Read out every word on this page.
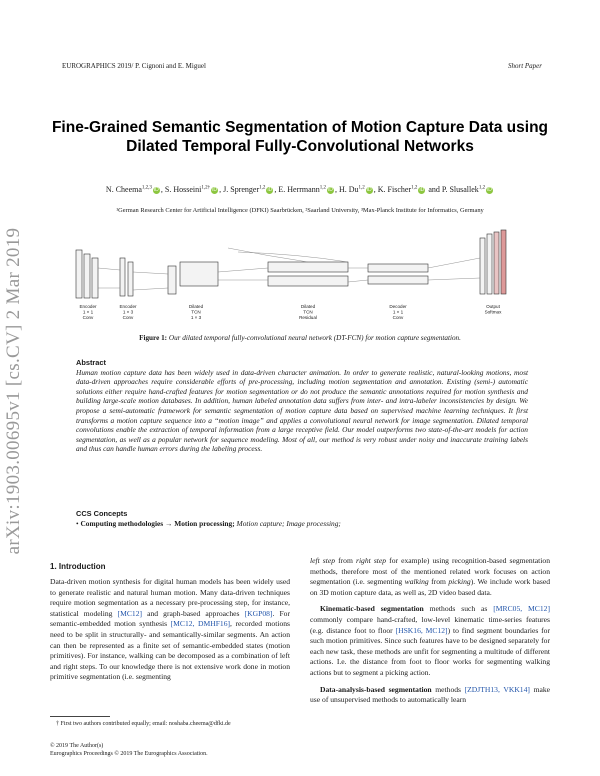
EUROGRAPHICS 2019/ P. Cignoni and E. Miguel	Short Paper
arXiv:1903.00695v1 [cs.CV] 2 Mar 2019
Fine-Grained Semantic Segmentation of Motion Capture Data using
Dilated Temporal Fully-Convolutional Networks
N. Cheema$^{1,2,3}$ iD , S. Hosseini$^{1,2\dagger}$ iD , J. Sprenger$^{1,2}$ iD , E. Herrmann$^{1,2}$ iD , H. Du$^{1,2}$ iD , K. Fischer$^{1,2}$ iD and P. Slusallek$^{1,2}$ iD
¹German Research Center for Artificial Intelligence (DFKI) Saarbrücken, ²Saarland University, ³Max-Planck Institute for Informatics, Germany
Encoder 1 × 1 Conv
Encoder 1 × 3 Conv
Dilated TCN 1 × 3
Dilated TCN Residual
Decoder 1 × 1 Conv
Output Softmax
Figure 1: Our dilated temporal fully-convolutional neural network (DT-FCN) for motion capture segmentation.
Abstract
Human motion capture data has been widely used in data-driven character animation. In order to generate realistic, natural-looking motions, most data-driven approaches require considerable efforts of pre-processing, including motion segmentation and annotation. Existing (semi-) automatic solutions either require hand-crafted features for motion segmentation or do not produce the semantic annotations required for motion synthesis and building large-scale motion databases. In addition, human labeled annotation data suffers from inter- and intra-labeler inconsistencies by design. We propose a semi-automatic framework for semantic segmentation of motion capture data based on supervised machine learning techniques. It first transforms a motion capture sequence into a “motion image” and applies a convolutional neural network for image segmentation. Dilated temporal convolutions enable the extraction of temporal information from a large receptive field. Our model outperforms two state-of-the-art models for action segmentation, as well as a popular network for sequence modeling. Most of all, our method is very robust under noisy and inaccurate training labels and thus can handle human errors during the labeling process.
CCS Concepts
• Computing methodologies → Motion processing; Motion capture; Image processing;
1. Introduction
Data-driven motion synthesis for digital human models has been widely used to generate realistic and natural human motion. Many data-driven techniques require motion segmentation as a necessary pre-processing step, for instance, statistical modeling [MC12] and graph-based approaches [KGP08]. For semantic-embedded motion synthesis [MC12, DMHF16], recorded motions need to be split in structurally- and semantically-similar segments. An action can then be represented as a finite set of semantic-embedded states (motion primitives). For instance, walking can be decomposed as a combination of left and right steps. To our knowledge there is not extensive work done in motion primitive segmentation (i.e. segmenting
† First two authors contributed equally; email: noshaba.cheema@dfki.de
© 2019 The Author(s)
Eurographics Proceedings © 2019 The Eurographics Association.
left step from right step for example) using recognition-based segmentation methods, therefore most of the mentioned related work focuses on action segmentation (i.e. segmenting walking from picking). We include work based on 3D motion capture data, as well as, 2D video based data.
Kinematic-based segmentation methods such as [MRC05, MC12] commonly compare hand-crafted, low-level kinematic time-series features (e.g. distance foot to floor [HSK16, MC12]) to find segment boundaries for such motion primitives. Since such features have to be designed separately for each new task, these methods are unfit for segmenting a multitude of different actions. I.e. the distance from foot to floor works for segmenting walking actions but to segment a picking action.
Data-analysis-based segmentation methods [ZDJTH13, VKK14] make use of unsupervised methods to automatically learn
